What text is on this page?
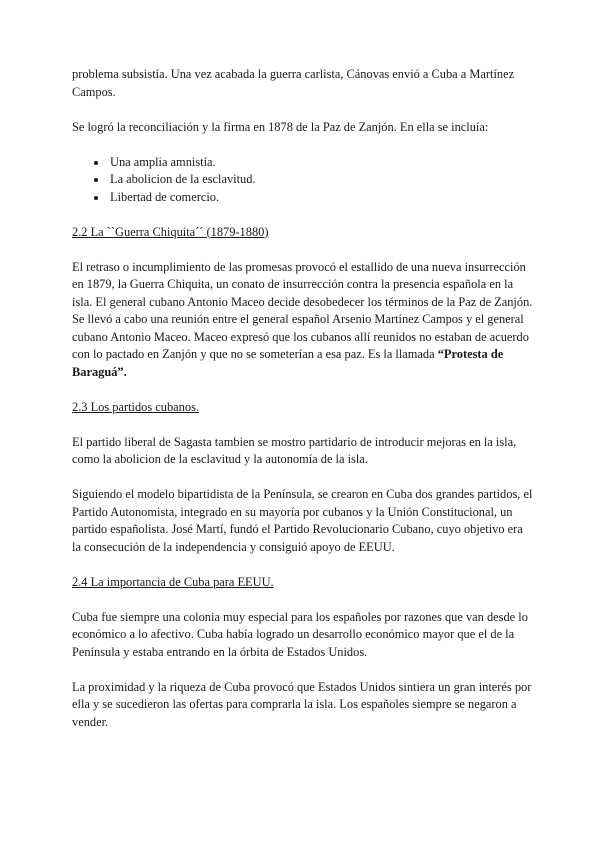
problema subsistía. Una vez acabada la guerra carlista, Cánovas envió a Cuba a Martínez Campos.

Se logró la reconciliación y la firma en 1878 de la Paz de Zanjón. En ella se incluía:

• Una amplia amnistía.
• La abolicion de la esclavitud.
• Libertad de comercio.
2.2 La ``Guerra Chiquita´´ (1879-1880)

El retraso o incumplimiento de las promesas provocó el estallido de una nueva insurrección en 1879, la Guerra Chiquita, un conato de insurrección contra la presencia española en la isla. El general cubano Antonio Maceo decide desobedecer los términos de la Paz de Zanjón. Se llevó a cabo una reunión entre el general español Arsenio Martínez Campos y el general cubano Antonio Maceo. Maceo expresó que los cubanos allí reunidos no estaban de acuerdo con lo pactado en Zanjón y que no se someterían a esa paz. Es la llamada “Protesta de Baraguá”.

2.3 Los partidos cubanos.

El partido liberal de Sagasta tambien se mostro partidario de introducir mejoras en la isla, como la abolicion de la esclavitud y la autonomía de la isla.

Siguiendo el modelo bipartidista de la Península, se crearon en Cuba dos grandes partidos, el Partido Autonomista, integrado en su mayoría por cubanos y la Unión Constitucional, un partido españolista. José Martí, fundó el Partido Revolucionario Cubano, cuyo objetivo era la consecución de la independencia y consiguió apoyo de EEUU.

2.4 La importancia de Cuba para EEUU.

Cuba fue siempre una colonia muy especial para los españoles por razones que van desde lo económico a lo afectivo. Cuba había logrado un desarrollo económico mayor que el de la Península y estaba entrando en la órbita de Estados Unidos.

La proximidad y la riqueza de Cuba provocó que Estados Unidos sintiera un gran interés por ella y se sucedieron las ofertas para comprarla la isla. Los españoles siempre se negaron a vender.
